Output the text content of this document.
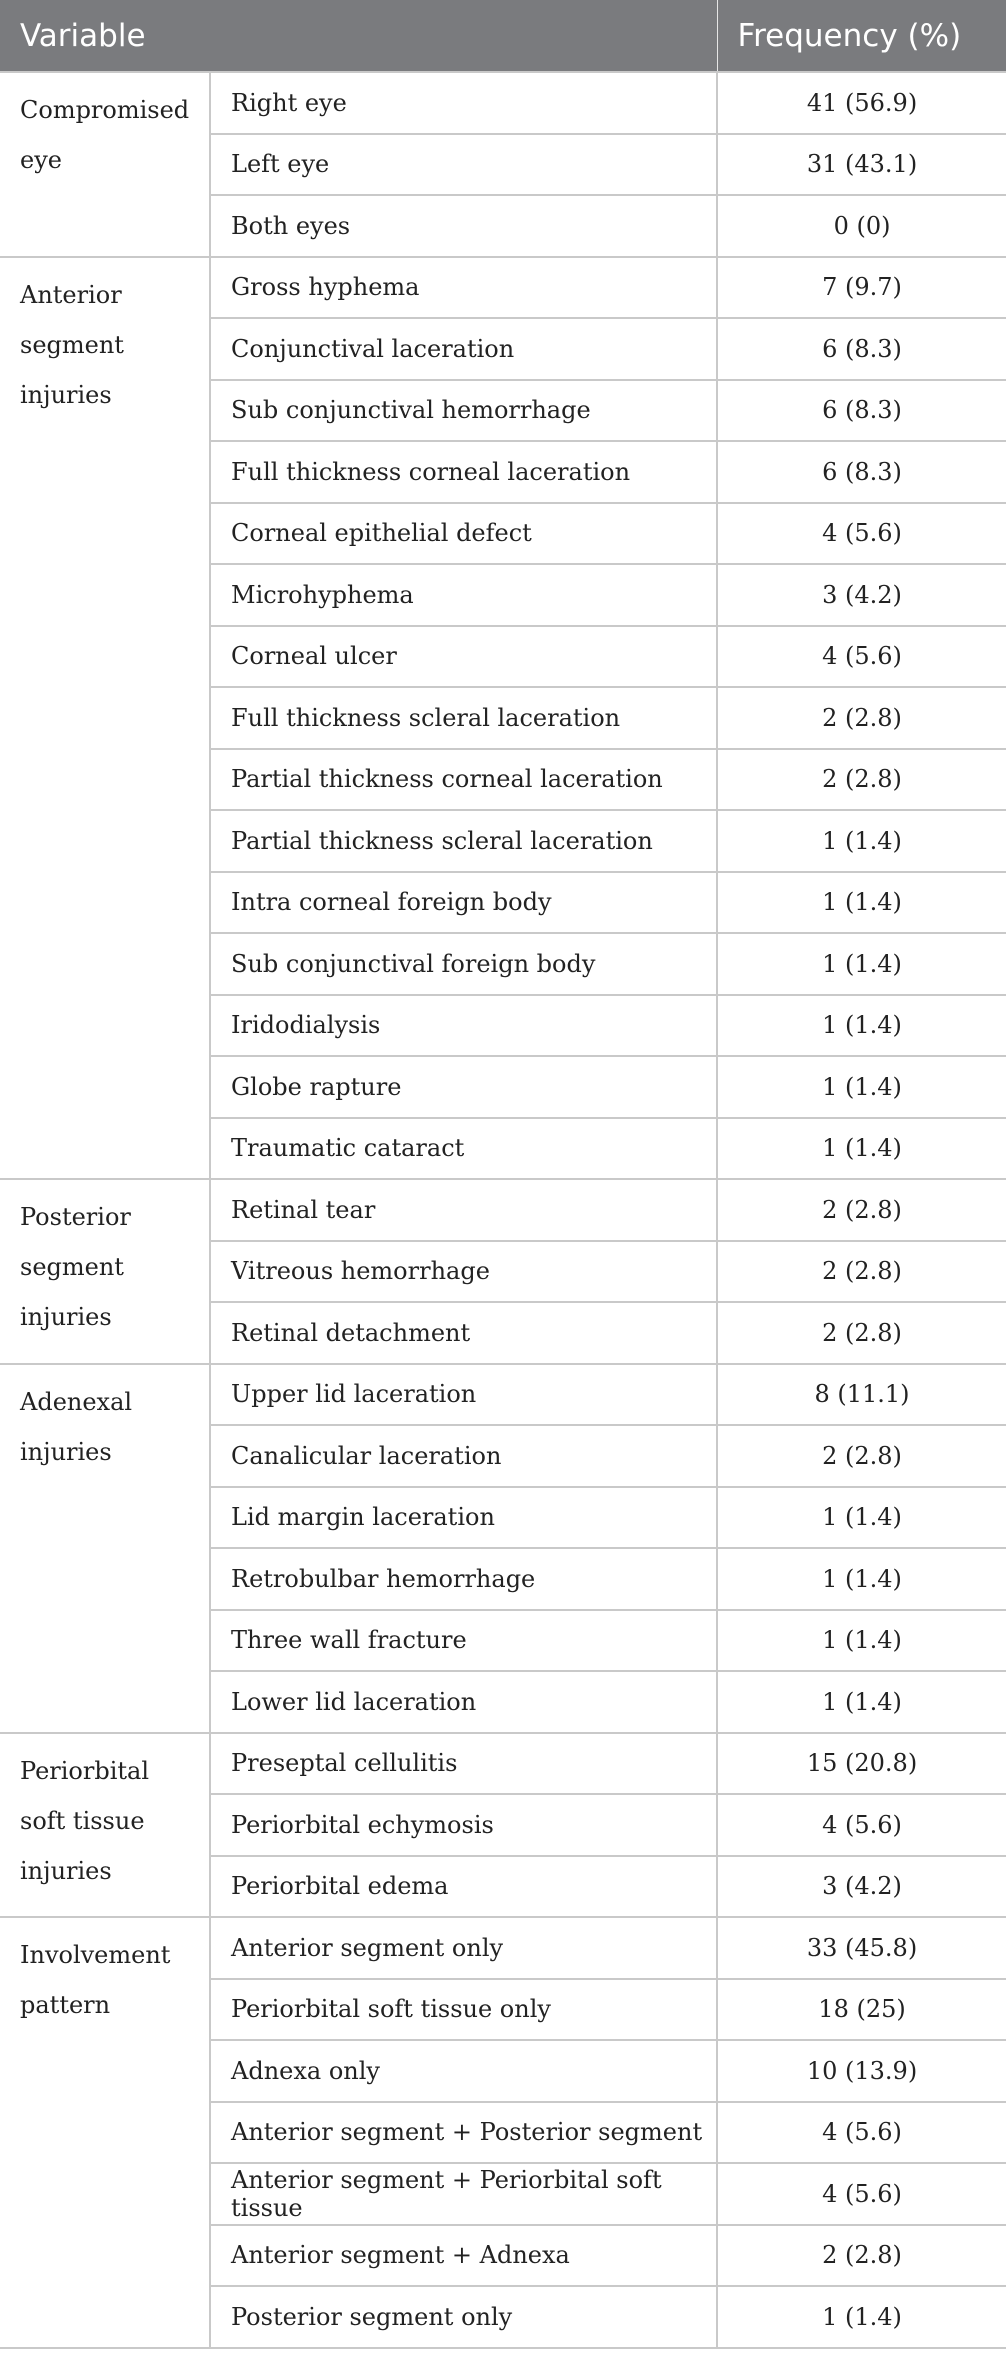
Variable		Frequency (%)
Compromised eye	Right eye	41 (56.9)
	Left eye	31 (43.1)
	Both eyes	0 (0)
Anterior segment injuries	Gross hyphema	7 (9.7)
	Conjunctival laceration	6 (8.3)
	Sub conjunctival hemorrhage	6 (8.3)
	Full thickness corneal laceration	6 (8.3)
	Corneal epithelial defect	4 (5.6)
	Microhyphema	3 (4.2)
	Corneal ulcer	4 (5.6)
	Full thickness scleral laceration	2 (2.8)
	Partial thickness corneal laceration	2 (2.8)
	Partial thickness scleral laceration	1 (1.4)
	Intra corneal foreign body	1 (1.4)
	Sub conjunctival foreign body	1 (1.4)
	Iridodialysis	1 (1.4)
	Globe rapture	1 (1.4)
	Traumatic cataract	1 (1.4)
Posterior segment injuries	Retinal tear	2 (2.8)
	Vitreous hemorrhage	2 (2.8)
	Retinal detachment	2 (2.8)
Adenexal injuries	Upper lid laceration	8 (11.1)
	Canalicular laceration	2 (2.8)
	Lid margin laceration	1 (1.4)
	Retrobulbar hemorrhage	1 (1.4)
	Three wall fracture	1 (1.4)
	Lower lid laceration	1 (1.4)
Periorbital soft tissue injuries	Preseptal cellulitis	15 (20.8)
	Periorbital echymosis	4 (5.6)
	Periorbital edema	3 (4.2)
Involvement pattern	Anterior segment only	33 (45.8)
	Periorbital soft tissue only	18 (25)
	Adnexa only	10 (13.9)
	Anterior segment + Posterior segment	4 (5.6)
	Anterior segment + Periorbital soft tissue	4 (5.6)
	Anterior segment + Adnexa	2 (2.8)
	Posterior segment only	1 (1.4)
